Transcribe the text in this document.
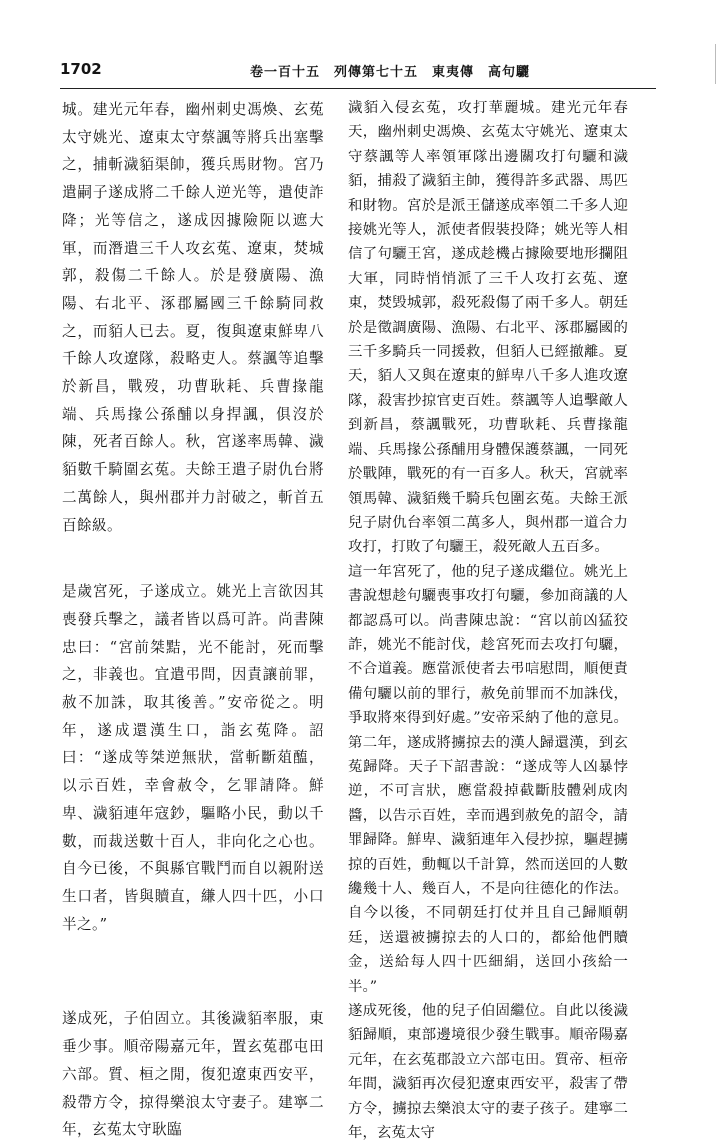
1702	卷一百十五　列傳第七十五　東夷傳　高句驪

城。建光元年春，幽州刺史馮煥、玄菟太守姚光、遼東太守蔡諷等將兵出塞擊之，捕斬濊貊渠帥，獲兵馬財物。宮乃遣嗣子遂成將二千餘人逆光等，遣使詐降；光等信之，遂成因據險阨以遮大軍，而潛遣三千人攻玄菟、遼東，焚城郭，殺傷二千餘人。於是發廣陽、漁陽、右北平、涿郡屬國三千餘騎同救之，而貊人已去。夏，復與遼東鮮卑八千餘人攻遼隊，殺略吏人。蔡諷等追擊於新昌，戰歿，功曹耿耗、兵曹掾龍端、兵馬掾公孫酺以身捍諷，俱沒於陳，死者百餘人。秋，宮遂率馬韓、濊貊數千騎圍玄菟。夫餘王遣子尉仇台將二萬餘人，與州郡并力討破之，斬首五百餘級。

是歲宮死，子遂成立。姚光上言欲因其喪發兵擊之，議者皆以爲可許。尚書陳忠曰：“宮前桀黠，光不能討，死而擊之，非義也。宜遣弔問，因責讓前罪，赦不加誅，取其後善。”安帝從之。明年，遂成還漢生口，詣玄菟降。詔曰：“遂成等桀逆無狀，當斬斷葅醢，以示百姓，幸會赦令，乞罪請降。鮮卑、濊貊連年寇鈔，驅略小民，動以千數，而裁送數十百人，非向化之心也。自今已後，不與縣官戰鬥而自以親附送生口者，皆與贖直，縑人四十匹，小口半之。”

遂成死，子伯固立。其後濊貊率服，東垂少事。順帝陽嘉元年，置玄菟郡屯田六部。質、桓之閒，復犯遼東西安平，殺帶方令，掠得樂浪太守妻子。建寧二年，玄菟太守耿臨

濊貊入侵玄菟，攻打華麗城。建光元年春天，幽州刺史馮煥、玄菟太守姚光、遼東太守蔡諷等人率領軍隊出邊關攻打句驪和濊貊，捕殺了濊貊主帥，獲得許多武器、馬匹和財物。宮於是派王儲遂成率領二千多人迎接姚光等人，派使者假裝投降；姚光等人相信了句驪王宮，遂成趁機占據險要地形攔阻大軍，同時悄悄派了三千人攻打玄菟、遼東，焚毁城郭，殺死殺傷了兩千多人。朝廷於是徵調廣陽、漁陽、右北平、涿郡屬國的三千多騎兵一同援救，但貊人已經撤離。夏天，貊人又與在遼東的鮮卑八千多人進攻遼隊，殺害抄掠官吏百姓。蔡諷等人追擊敵人到新昌，蔡諷戰死，功曹耿耗、兵曹掾龍端、兵馬掾公孫酺用身體保護蔡諷，一同死於戰陣，戰死的有一百多人。秋天，宮就率領馬韓、濊貊幾千騎兵包圍玄菟。夫餘王派兒子尉仇台率領二萬多人，與州郡一道合力攻打，打敗了句驪王，殺死敵人五百多。

這一年宮死了，他的兒子遂成繼位。姚光上書說想趁句驪喪事攻打句驪，參加商議的人都認爲可以。尚書陳忠說：“宮以前凶猛狡詐，姚光不能討伐，趁宮死而去攻打句驪，不合道義。應當派使者去弔唁慰問，順便責備句驪以前的罪行，赦免前罪而不加誅伐，爭取將來得到好處。”安帝采納了他的意見。第二年，遂成將擄掠去的漢人歸還漢，到玄菟歸降。天子下詔書說：“遂成等人凶暴悖逆，不可言狀，應當殺掉截斷肢體剁成肉醬，以告示百姓，幸而遇到赦免的詔令，請罪歸降。鮮卑、濊貊連年入侵抄掠，驅趕擄掠的百姓，動輒以千計算，然而送回的人數纔幾十人、幾百人，不是向往德化的作法。自今以後，不同朝廷打仗并且自己歸順朝廷，送還被擄掠去的人口的，都給他們贖金，送給每人四十匹細絹，送回小孩給一半。”

遂成死後，他的兒子伯固繼位。自此以後濊貊歸順，東部邊境很少發生戰事。順帝陽嘉元年，在玄菟郡設立六部屯田。質帝、桓帝年間，濊貊再次侵犯遼東西安平，殺害了帶方令，擄掠去樂浪太守的妻子孩子。建寧二年，玄菟太守
